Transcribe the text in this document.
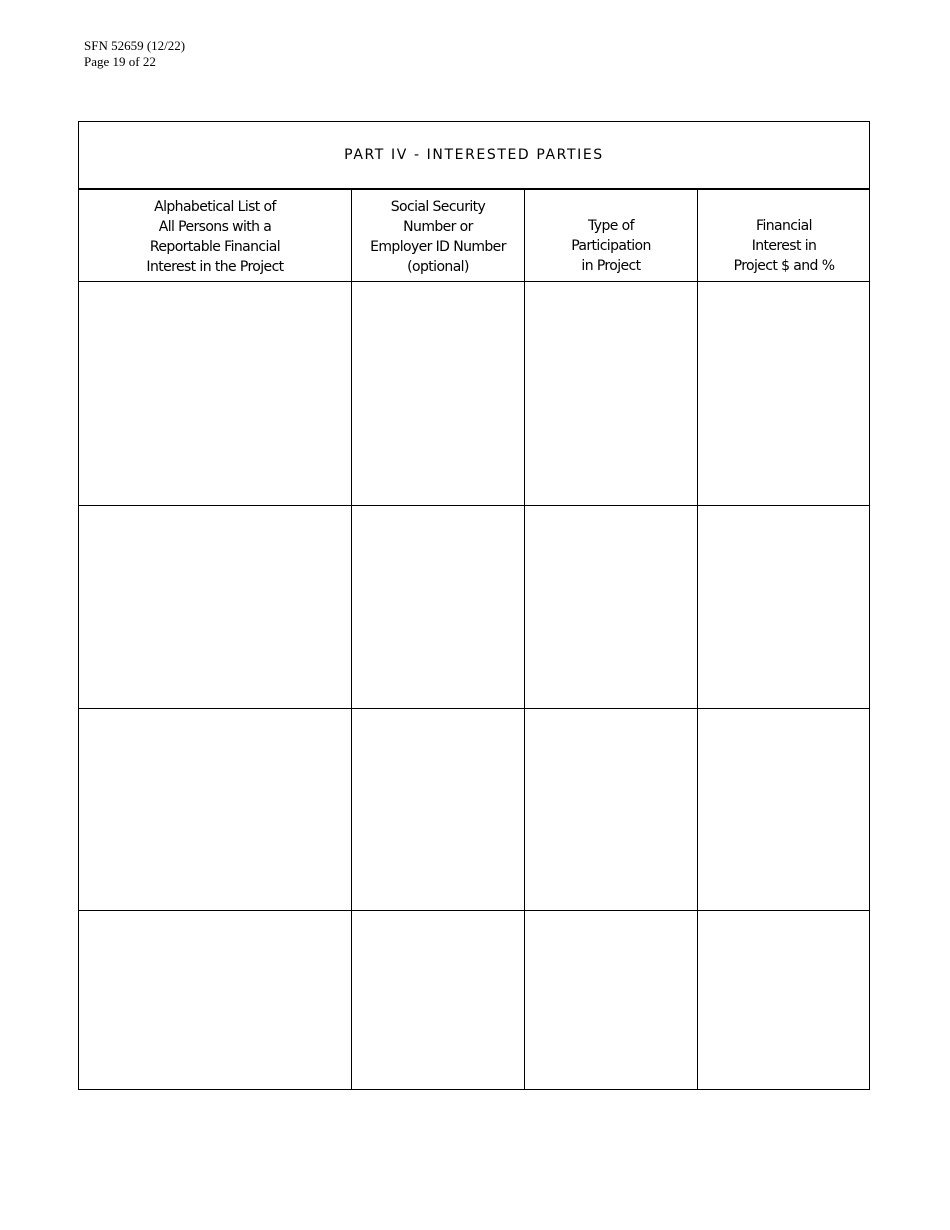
SFN 52659 (12/22)
Page 19 of 22
PART IV - INTERESTED PARTIES
Alphabetical List of
All Persons with a
Reportable Financial
Interest in the Project
Social Security
Number or
Employer ID Number
(optional)
Type of
Participation
in Project
Financial
Interest in
Project $ and %
